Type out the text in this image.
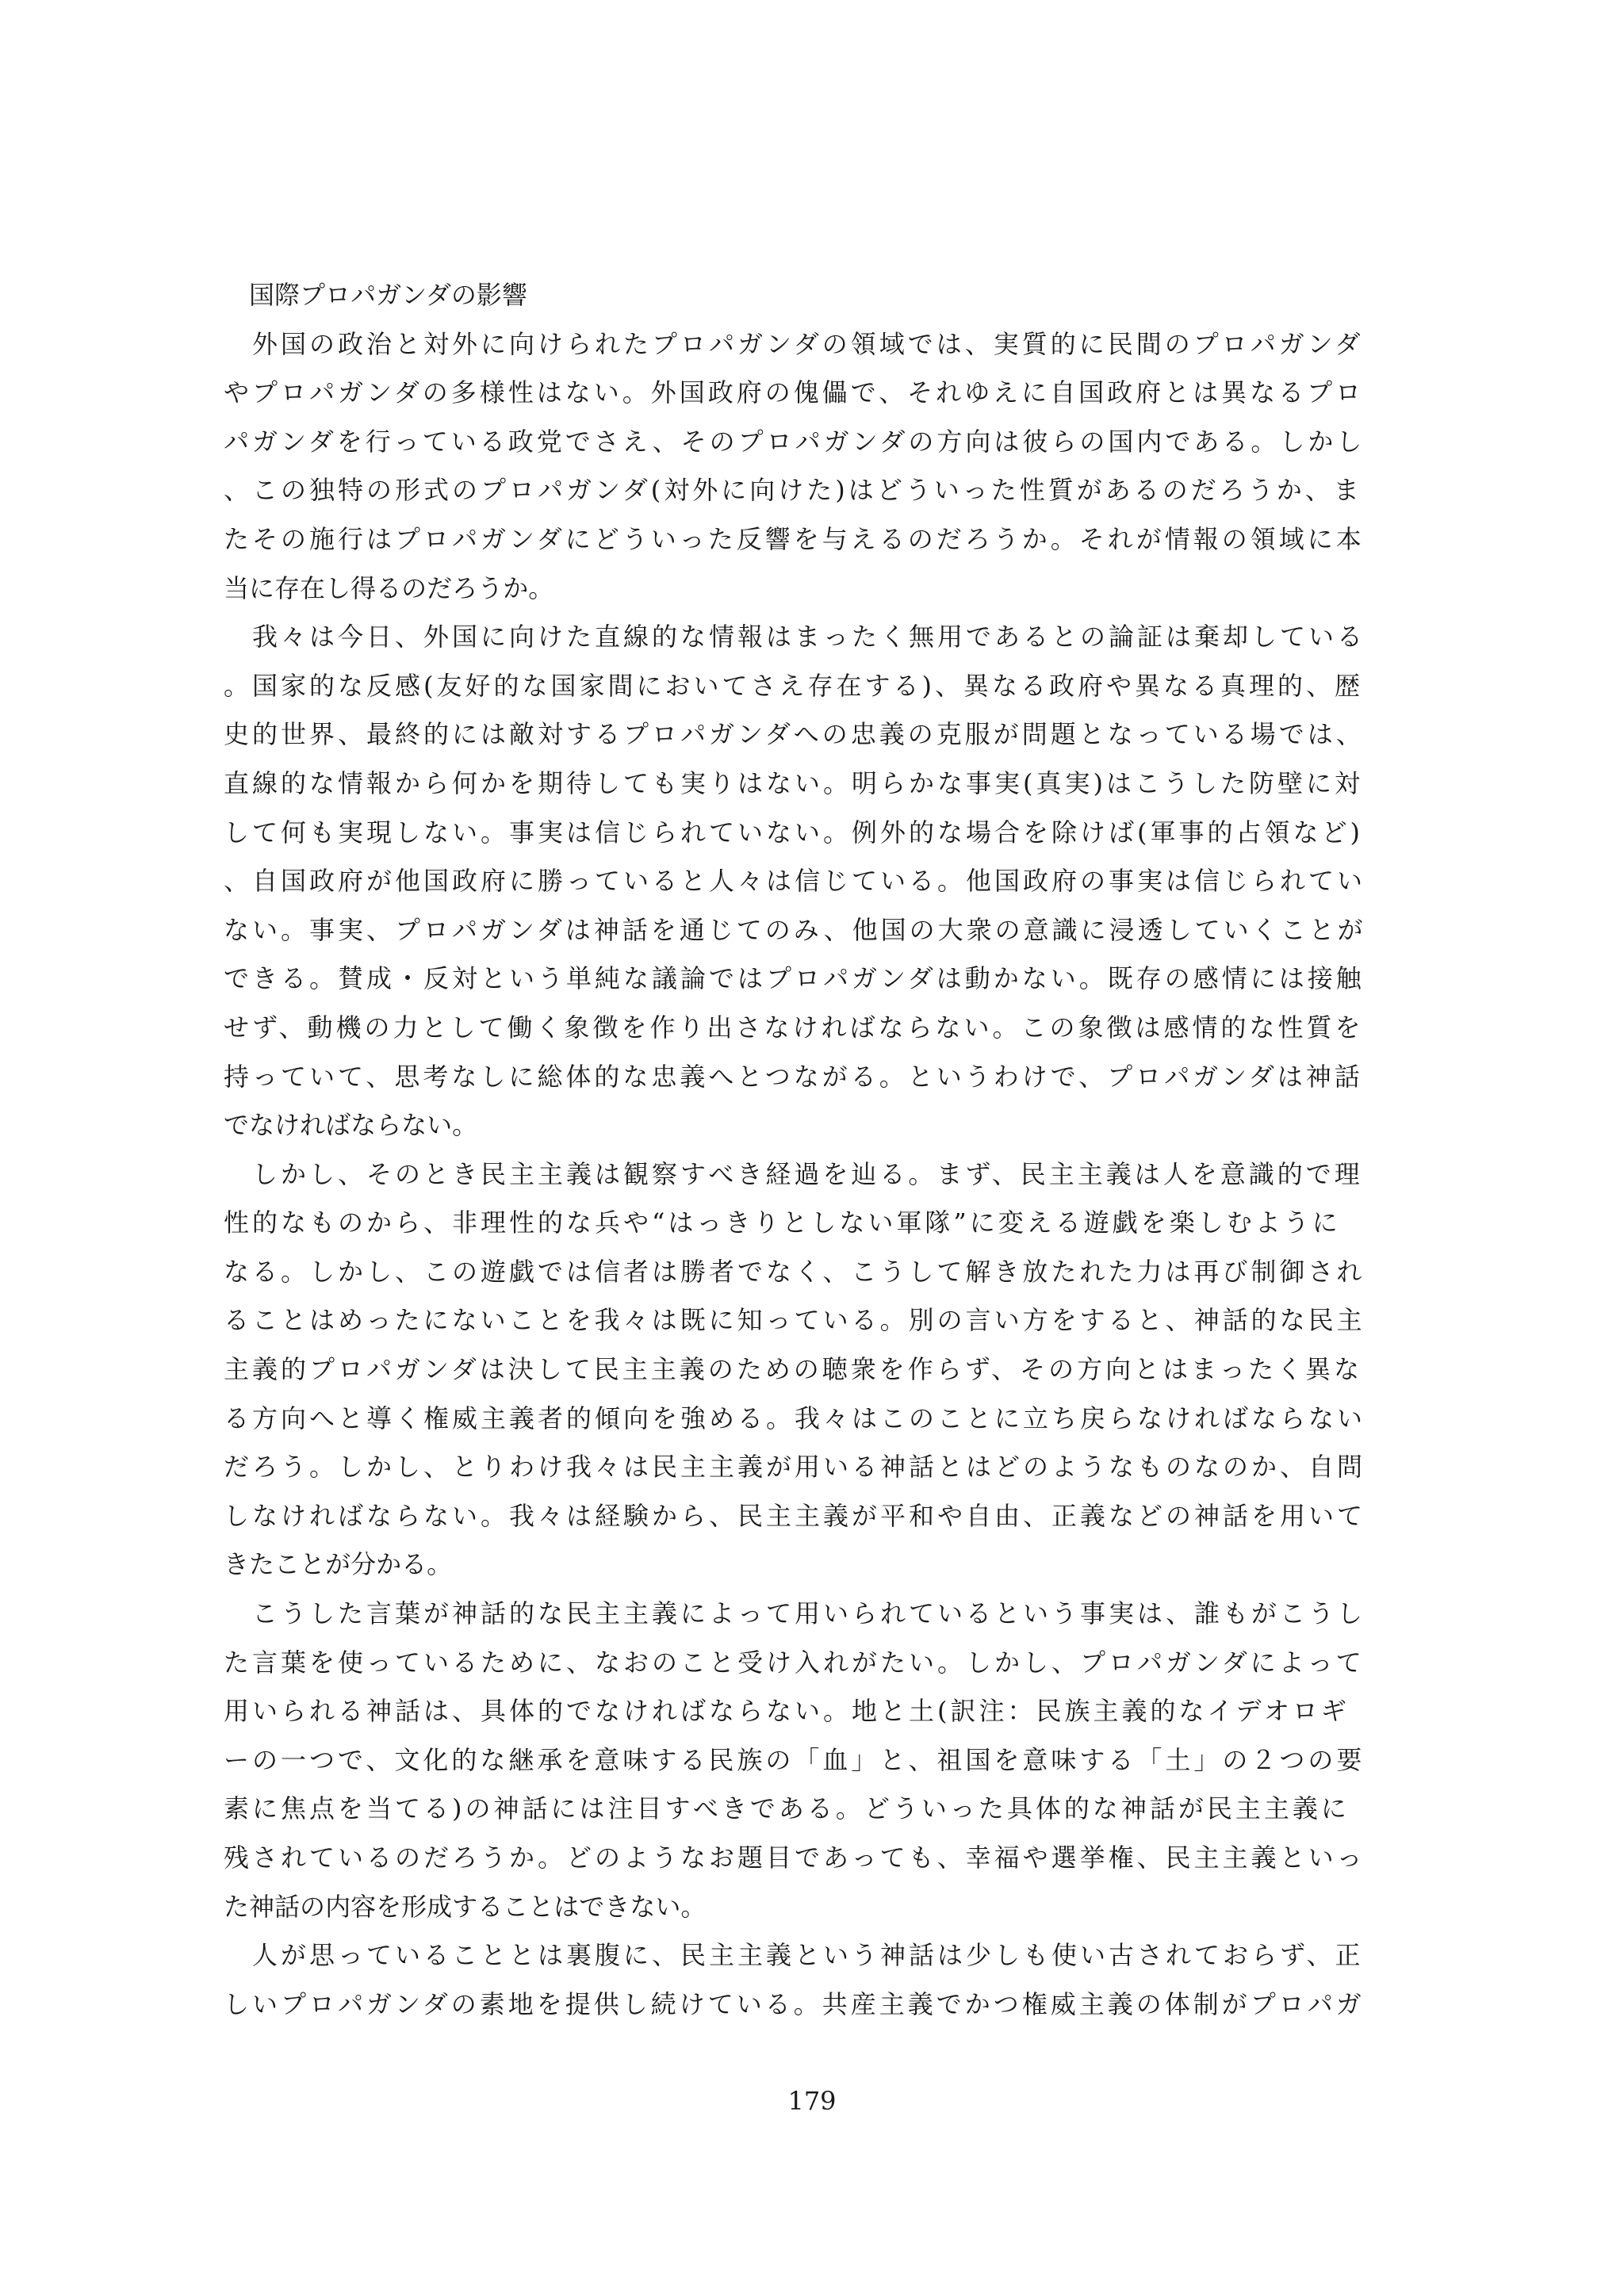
　国際プロパガンダの影響
　外国の政治と対外に向けられたプロパガンダの領域では、実質的に民間のプロパガンダ
やプロパガンダの多様性はない。外国政府の傀儡で、それゆえに自国政府とは異なるプロ
パガンダを行っている政党でさえ、そのプロパガンダの方向は彼らの国内である。しかし
、この独特の形式のプロパガンダ(対外に向けた)はどういった性質があるのだろうか、ま
たその施行はプロパガンダにどういった反響を与えるのだろうか。それが情報の領域に本
当に存在し得るのだろうか。
　我々は今日、外国に向けた直線的な情報はまったく無用であるとの論証は棄却している
。国家的な反感(友好的な国家間においてさえ存在する)、異なる政府や異なる真理的、歴
史的世界、最終的には敵対するプロパガンダへの忠義の克服が問題となっている場では、
直線的な情報から何かを期待しても実りはない。明らかな事実(真実)はこうした防壁に対
して何も実現しない。事実は信じられていない。例外的な場合を除けば(軍事的占領など)
、自国政府が他国政府に勝っていると人々は信じている。他国政府の事実は信じられてい
ない。事実、プロパガンダは神話を通じてのみ、他国の大衆の意識に浸透していくことが
できる。賛成・反対という単純な議論ではプロパガンダは動かない。既存の感情には接触
せず、動機の力として働く象徴を作り出さなければならない。この象徴は感情的な性質を
持っていて、思考なしに総体的な忠義へとつながる。というわけで、プロパガンダは神話
でなければならない。
　しかし、そのとき民主主義は観察すべき経過を辿る。まず、民主主義は人を意識的で理
性的なものから、非理性的な兵や“はっきりとしない軍隊”に変える遊戯を楽しむように
なる。しかし、この遊戯では信者は勝者でなく、こうして解き放たれた力は再び制御され
ることはめったにないことを我々は既に知っている。別の言い方をすると、神話的な民主
主義的プロパガンダは決して民主主義のための聴衆を作らず、その方向とはまったく異な
る方向へと導く権威主義者的傾向を強める。我々はこのことに立ち戻らなければならない
だろう。しかし、とりわけ我々は民主主義が用いる神話とはどのようなものなのか、自問
しなければならない。我々は経験から、民主主義が平和や自由、正義などの神話を用いて
きたことが分かる。
　こうした言葉が神話的な民主主義によって用いられているという事実は、誰もがこうし
た言葉を使っているために、なおのこと受け入れがたい。しかし、プロパガンダによって
用いられる神話は、具体的でなければならない。地と土(訳注：民族主義的なイデオロギ
ーの一つで、文化的な継承を意味する民族の「血」と、祖国を意味する「土」の２つの要
素に焦点を当てる)の神話には注目すべきである。どういった具体的な神話が民主主義に
残されているのだろうか。どのようなお題目であっても、幸福や選挙権、民主主義といっ
た神話の内容を形成することはできない。
　人が思っていることとは裏腹に、民主主義という神話は少しも使い古されておらず、正
しいプロパガンダの素地を提供し続けている。共産主義でかつ権威主義の体制がプロパガ
179
